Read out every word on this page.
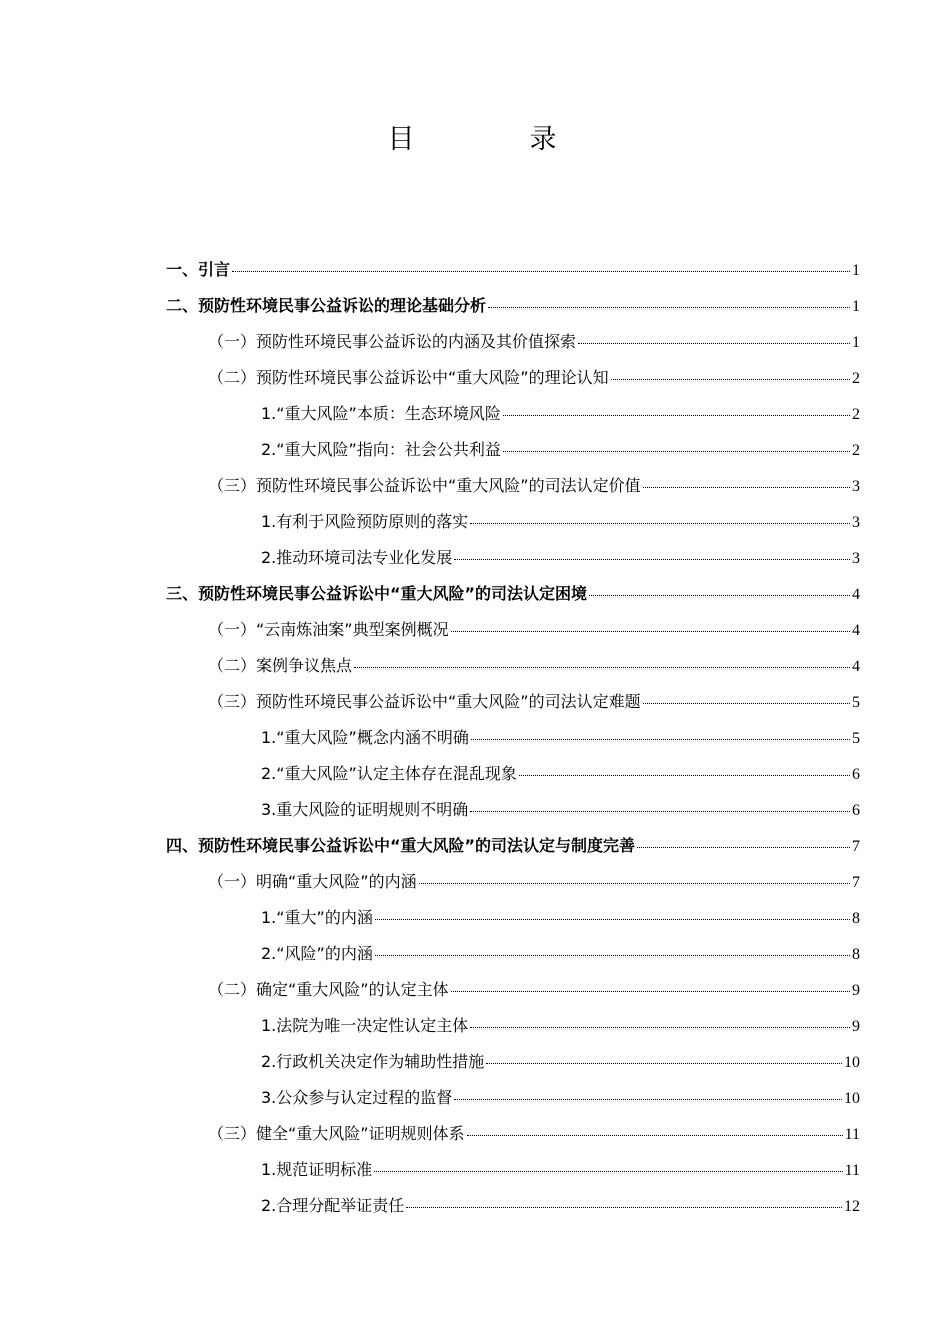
目　录
一、引言	1
二、预防性环境民事公益诉讼的理论基础分析	1
（一）预防性环境民事公益诉讼的内涵及其价值探索	1
（二）预防性环境民事公益诉讼中“重大风险”的理论认知	2
1.“重大风险”本质：生态环境风险	2
2.“重大风险”指向：社会公共利益	2
（三）预防性环境民事公益诉讼中“重大风险”的司法认定价值	3
1.有利于风险预防原则的落实	3
2.推动环境司法专业化发展	3
三、预防性环境民事公益诉讼中“重大风险”的司法认定困境	4
（一）“云南炼油案”典型案例概况	4
（二）案例争议焦点	4
（三）预防性环境民事公益诉讼中“重大风险”的司法认定难题	5
1.“重大风险”概念内涵不明确	5
2.“重大风险”认定主体存在混乱现象	6
3.重大风险的证明规则不明确	6
四、预防性环境民事公益诉讼中“重大风险”的司法认定与制度完善	7
（一）明确“重大风险”的内涵	7
1.“重大”的内涵	8
2.“风险”的内涵	8
（二）确定“重大风险”的认定主体	9
1.法院为唯一决定性认定主体	9
2.行政机关决定作为辅助性措施	10
3.公众参与认定过程的监督	10
（三）健全“重大风险”证明规则体系	11
1.规范证明标准	11
2.合理分配举证责任	12
